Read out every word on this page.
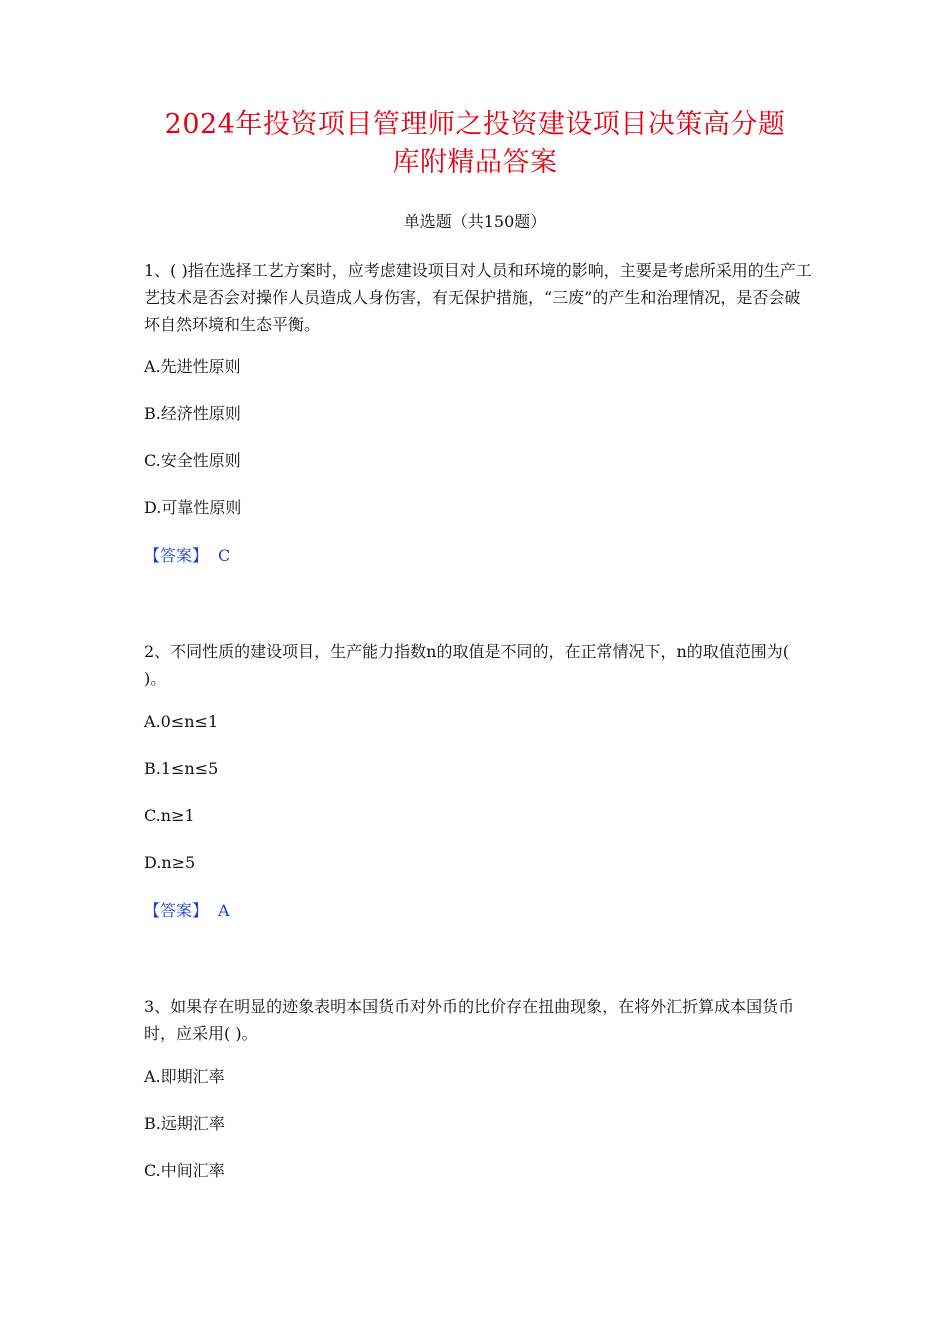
2024年投资项目管理师之投资建设项目决策高分题
库附精品答案
单选题（共150题）
1、( )指在选择工艺方案时，应考虑建设项目对人员和环境的影响，主要是考虑所采用的生产工艺技术是否会对操作人员造成人身伤害，有无保护措施，“三废”的产生和治理情况，是否会破坏自然环境和生态平衡。
A.先进性原则
B.经济性原则
C.安全性原则
D.可靠性原则
【答案】 C
2、不同性质的建设项目，生产能力指数n的取值是不同的，在正常情况下，n的取值范围为( )。
A.0≤n≤1
B.1≤n≤5
C.n≥1
D.n≥5
【答案】 A
3、如果存在明显的迹象表明本国货币对外币的比价存在扭曲现象，在将外汇折算成本国货币时，应采用( )。
A.即期汇率
B.远期汇率
C.中间汇率
